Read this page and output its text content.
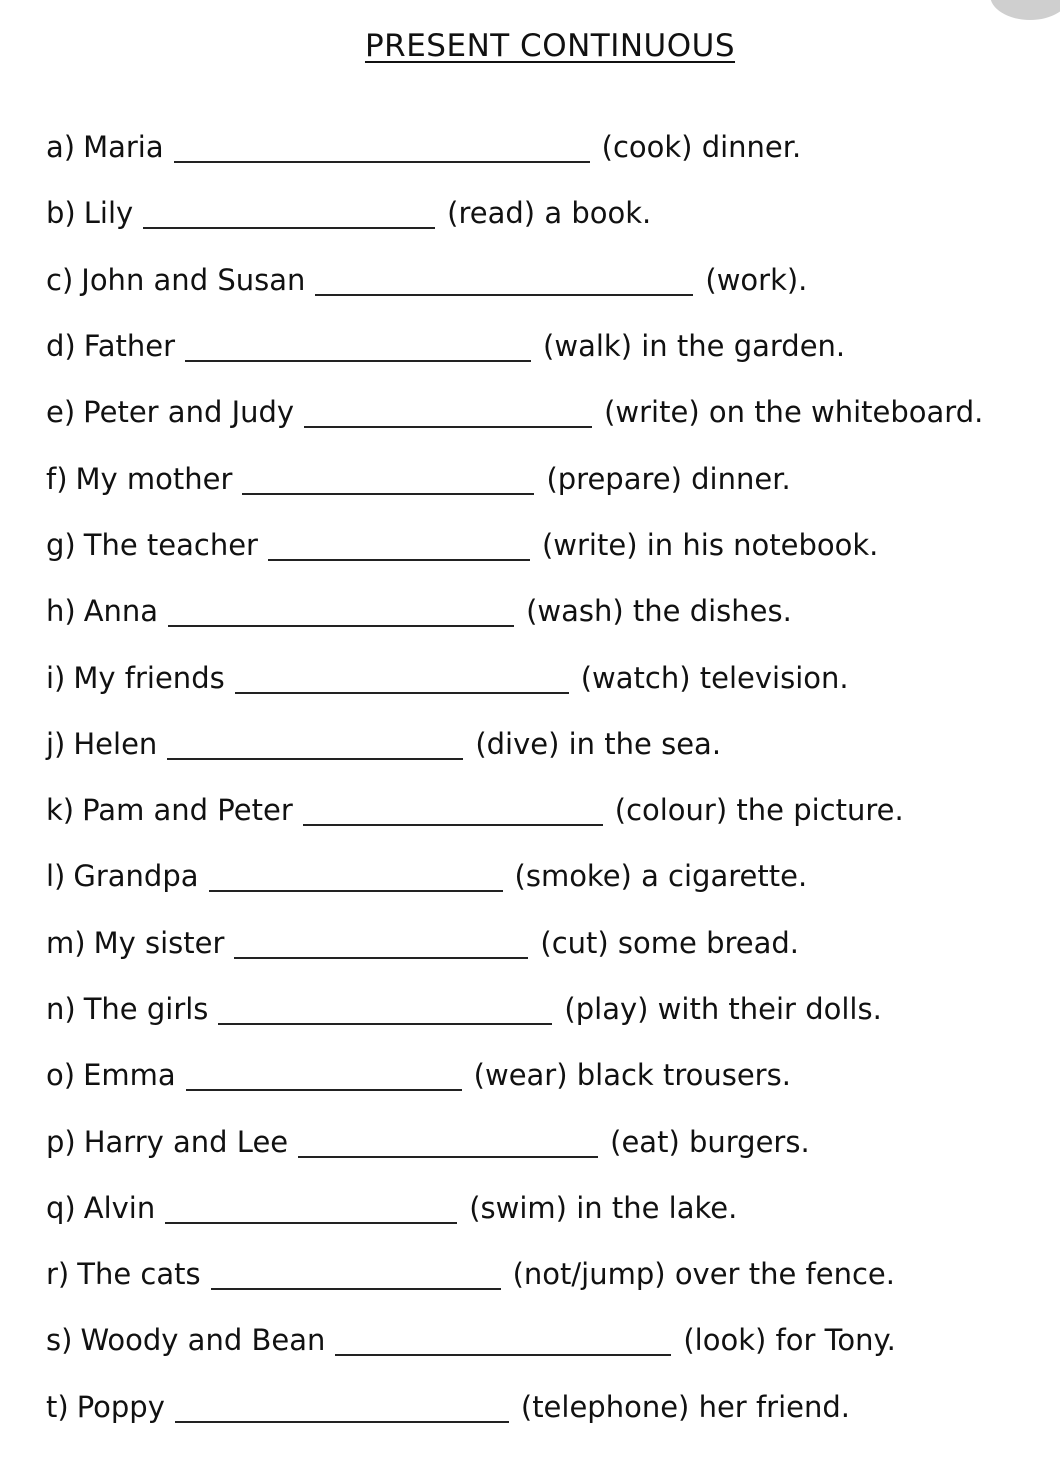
PRESENT CONTINUOUS
a) Maria	(cook) dinner.
b) Lily	(read) a book.
c) John and Susan	(work).
d) Father	(walk) in the garden.
e) Peter and Judy	(write) on the whiteboard.
f) My mother	(prepare) dinner.
g) The teacher	(write) in his notebook.
h) Anna	(wash) the dishes.
i) My friends	(watch) television.
j) Helen	(dive) in the sea.
k) Pam and Peter	(colour) the picture.
l) Grandpa	(smoke) a cigarette.
m) My sister	(cut) some bread.
n) The girls	(play) with their dolls.
o) Emma	(wear) black trousers.
p) Harry and Lee	(eat) burgers.
q) Alvin	(swim) in the lake.
r) The cats	(not/jump) over the fence.
s) Woody and Bean	(look) for Tony.
t) Poppy	(telephone) her friend.
